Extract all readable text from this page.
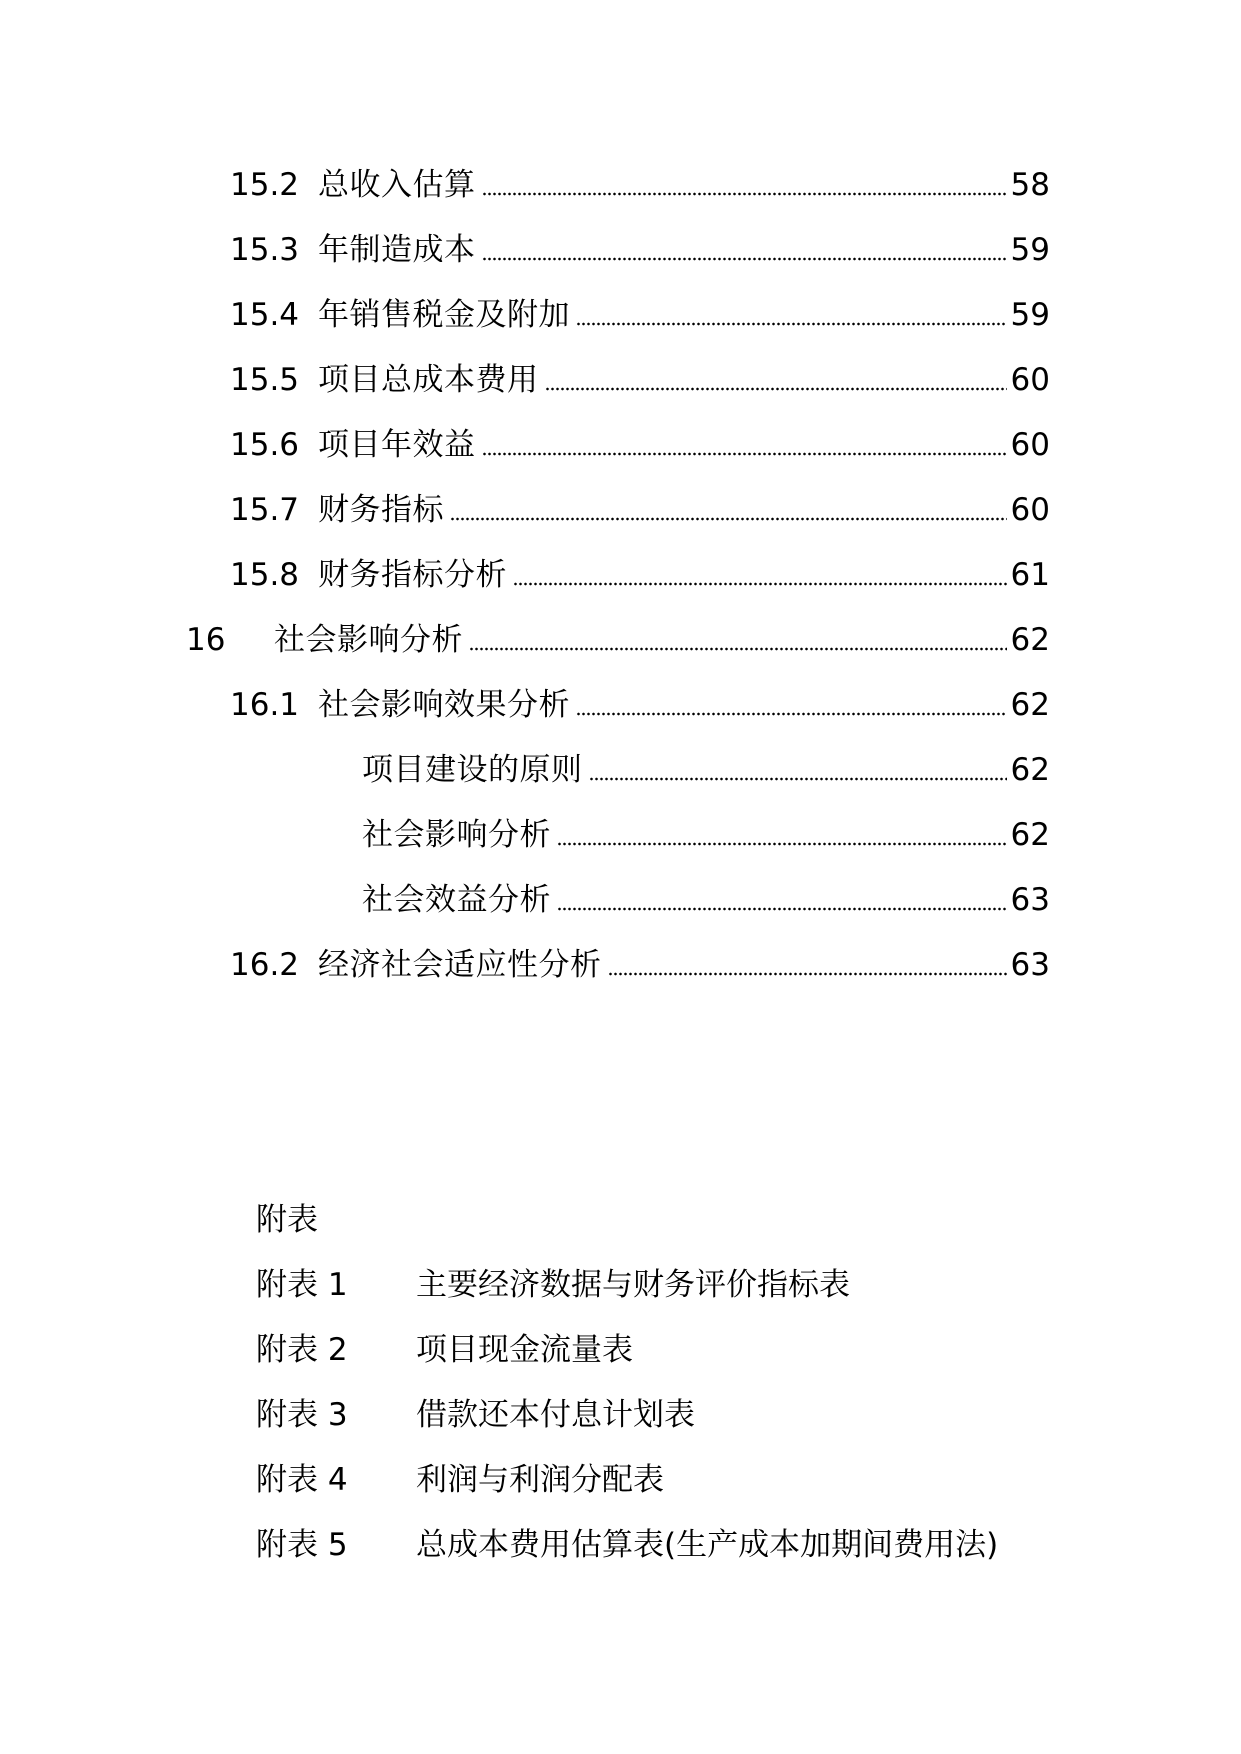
15.2 总收入估算	58
15.3 年制造成本	59
15.4 年销售税金及附加	59
15.5 项目总成本费用	60
15.6 项目年效益	60
15.7 财务指标	60
15.8 财务指标分析	61
16	社会影响分析	62
16.1 社会影响效果分析	62
项目建设的原则	62
社会影响分析	62
社会效益分析	63
16.2 经济社会适应性分析	63
附表
附表 1 主要经济数据与财务评价指标表
附表 2 项目现金流量表
附表 3 借款还本付息计划表
附表 4 利润与利润分配表
附表 5 总成本费用估算表(生产成本加期间费用法)
